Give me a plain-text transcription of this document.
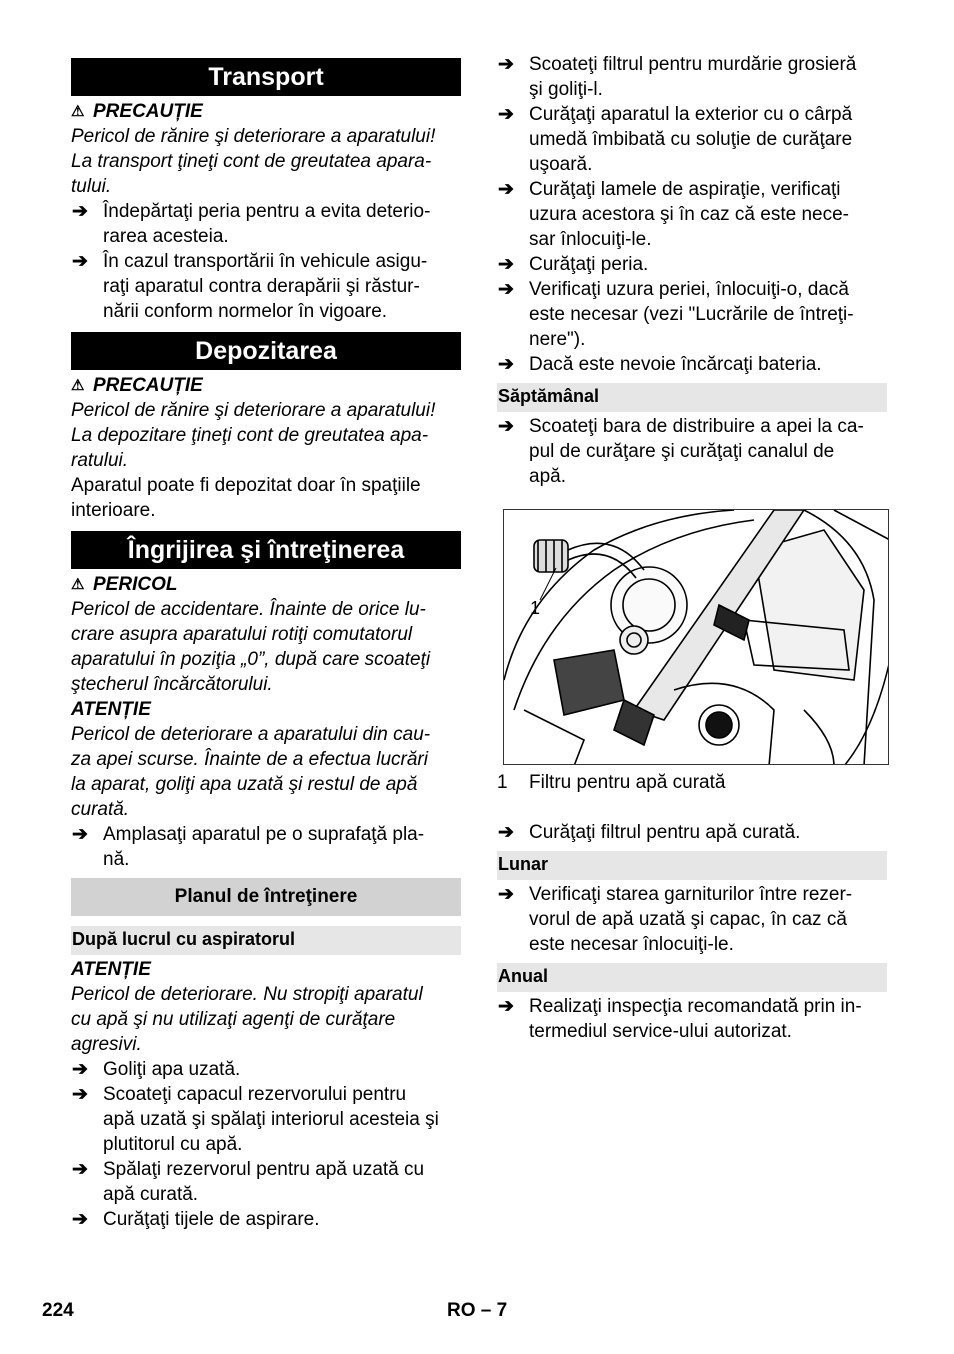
Transport
⚠ PRECAUȚIE
Pericol de rănire şi deteriorare a aparatului!
La transport ţineţi cont de greutatea apara-
tului.
➔ Îndepărtaţi peria pentru a evita deterio-
rarea acesteia.
➔ În cazul transportării în vehicule asigu-
raţi aparatul contra derapării şi răstur-
nării conform normelor în vigoare.
Depozitarea
⚠ PRECAUȚIE
Pericol de rănire şi deteriorare a aparatului!
La depozitare ţineţi cont de greutatea apa-
ratului.
Aparatul poate fi depozitat doar în spaţiile
interioare.
Îngrijirea şi întreţinerea
⚠ PERICOL
Pericol de accidentare. Înainte de orice lu-
crare asupra aparatului rotiţi comutatorul
aparatului în poziţia „0”, după care scoateţi
ştecherul încărcătorului.
ATENȚIE
Pericol de deteriorare a aparatului din cau-
za apei scurse. Înainte de a efectua lucrări
la aparat, goliţi apa uzată şi restul de apă
curată.
➔ Amplasaţi aparatul pe o suprafaţă pla-
nă.
Planul de întreţinere
După lucrul cu aspiratorul
ATENȚIE
Pericol de deteriorare. Nu stropiţi aparatul
cu apă şi nu utilizaţi agenţi de curăţare
agresivi.
➔ Goliţi apa uzată.
➔ Scoateţi capacul rezervorului pentru
apă uzată şi spălaţi interiorul acesteia şi
plutitorul cu apă.
➔ Spălaţi rezervorul pentru apă uzată cu
apă curată.
➔ Curăţaţi tijele de aspirare.
➔ Scoateţi filtrul pentru murdărie grosieră
şi goliţi-l.
➔ Curăţaţi aparatul la exterior cu o cârpă
umedă îmbibată cu soluţie de curăţare
uşoară.
➔ Curăţaţi lamele de aspiraţie, verificaţi
uzura acestora şi în caz că este nece-
sar înlocuiţi-le.
➔ Curăţaţi peria.
➔ Verificaţi uzura periei, înlocuiţi-o, dacă
este necesar (vezi "Lucrările de întreţi-
nere").
➔ Dacă este nevoie încărcaţi bateria.
Săptămânal
➔ Scoateţi bara de distribuire a apei la ca-
pul de curăţare şi curăţaţi canalul de
apă.
1
1	Filtru pentru apă curată
➔ Curăţaţi filtrul pentru apă curată.
Lunar
➔ Verificaţi starea garniturilor între rezer-
vorul de apă uzată şi capac, în caz că
este necesar înlocuiţi-le.
Anual
➔ Realizaţi inspecţia recomandată prin in-
termediul service-ului autorizat.
224	RO – 7
